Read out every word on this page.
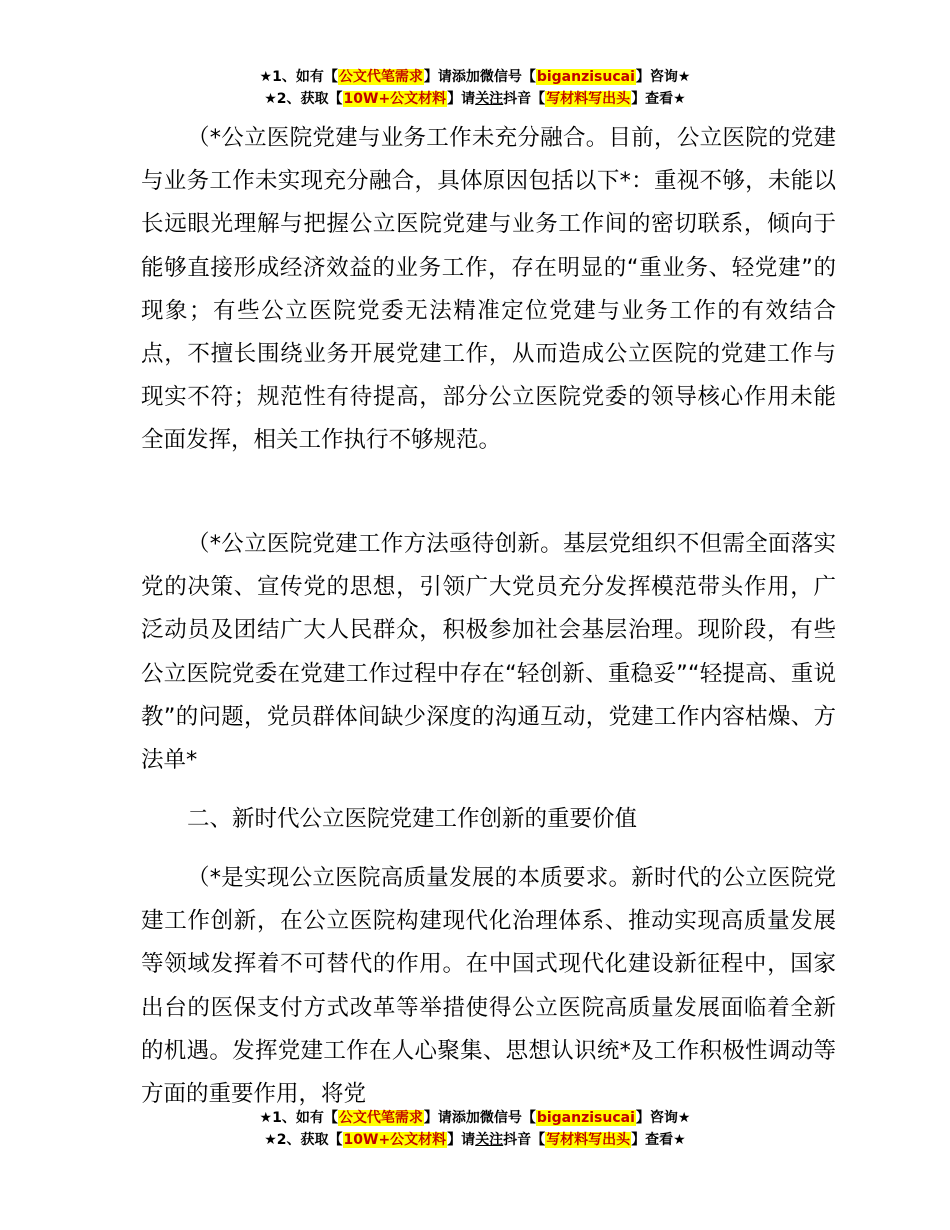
★1、如有【公文代笔需求】请添加微信号【biganzisucai】咨询★
★2、获取【10W+公文材料】请关注抖音【写材料写出头】查看★

（*公立医院党建与业务工作未充分融合。目前，公立医院的党建与业务工作未实现充分融合，具体原因包括以下*：重视不够，未能以长远眼光理解与把握公立医院党建与业务工作间的密切联系，倾向于能够直接形成经济效益的业务工作，存在明显的“重业务、轻党建”的现象；有些公立医院党委无法精准定位党建与业务工作的有效结合点，不擅长围绕业务开展党建工作，从而造成公立医院的党建工作与现实不符；规范性有待提高，部分公立医院党委的领导核心作用未能全面发挥，相关工作执行不够规范。

（*公立医院党建工作方法亟待创新。基层党组织不但需全面落实党的决策、宣传党的思想，引领广大党员充分发挥模范带头作用，广泛动员及团结广大人民群众，积极参加社会基层治理。现阶段，有些公立医院党委在党建工作过程中存在“轻创新、重稳妥”“轻提高、重说教”的问题，党员群体间缺少深度的沟通互动，党建工作内容枯燥、方法单*

二、新时代公立医院党建工作创新的重要价值

（*是实现公立医院高质量发展的本质要求。新时代的公立医院党建工作创新，在公立医院构建现代化治理体系、推动实现高质量发展等领域发挥着不可替代的作用。在中国式现代化建设新征程中，国家出台的医保支付方式改革等举措使得公立医院高质量发展面临着全新的机遇。发挥党建工作在人心聚集、思想认识统*及工作积极性调动等方面的重要作用，将党

★1、如有【公文代笔需求】请添加微信号【biganzisucai】咨询★
★2、获取【10W+公文材料】请关注抖音【写材料写出头】查看★
